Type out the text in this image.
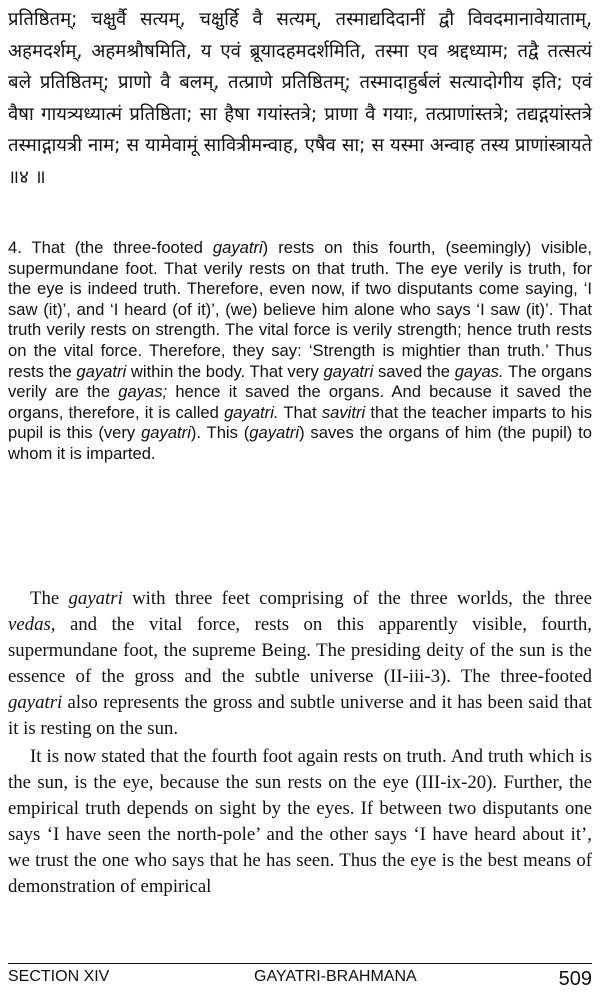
प्रतिष्ठितम्; चक्षुर्वै सत्यम्, चक्षुर्हि वै सत्यम्, तस्माद्यदिदानीं द्वौ विवदमानावेयाताम्, अहमदर्शम्, अहमश्रौषमिति, य एवं ब्रूयादहमदर्शमिति, तस्मा एव श्रद्दध्याम; तद्वै तत्सत्यं बले प्रतिष्ठितम्; प्राणो वै बलम्, तत्प्राणे प्रतिष्ठितम्; तस्मादाहुर्बलं सत्यादोगीय इति; एवं वैषा गायत्र्यध्यात्मं प्रतिष्ठिता; सा हैषा गयांस्तत्रे; प्राणा वै गयाः, तत्प्राणांस्तत्रे; तद्यद्गयांस्तत्रे तस्माद्गायत्री नाम; स यामेवामूं सावित्रीमन्वाह, एषैव सा; स यस्मा अन्वाह तस्य प्राणांस्त्रायते ॥४ ॥

4. That (the three-footed gayatri) rests on this fourth, (seemingly) visible, supermundane foot. That verily rests on that truth. The eye verily is truth, for the eye is indeed truth. Therefore, even now, if two disputants come saying, ‘I saw (it)’, and ‘I heard (of it)’, (we) believe him alone who says ‘I saw (it)’. That truth verily rests on strength. The vital force is verily strength; hence truth rests on the vital force. Therefore, they say: ‘Strength is mightier than truth.’ Thus rests the gayatri within the body. That very gayatri saved the gayas. The organs verily are the gayas; hence it saved the organs. And because it saved the organs, therefore, it is called gayatri. That savitri that the teacher imparts to his pupil is this (very gayatri). This (gayatri) saves the organs of him (the pupil) to whom it is imparted.

The gayatri with three feet comprising of the three worlds, the three vedas, and the vital force, rests on this apparently visible, fourth, supermundane foot, the supreme Being. The presiding deity of the sun is the essence of the gross and the subtle universe (II-iii-3). The three-footed gayatri also represents the gross and subtle universe and it has been said that it is resting on the sun.

It is now stated that the fourth foot again rests on truth. And truth which is the sun, is the eye, because the sun rests on the eye (III-ix-20). Further, the empirical truth depends on sight by the eyes. If between two disputants one says ‘I have seen the north-pole’ and the other says ‘I have heard about it’, we trust the one who says that he has seen. Thus the eye is the best means of demonstration of empirical

SECTION XIV	GAYATRI-BRAHMANA	509
